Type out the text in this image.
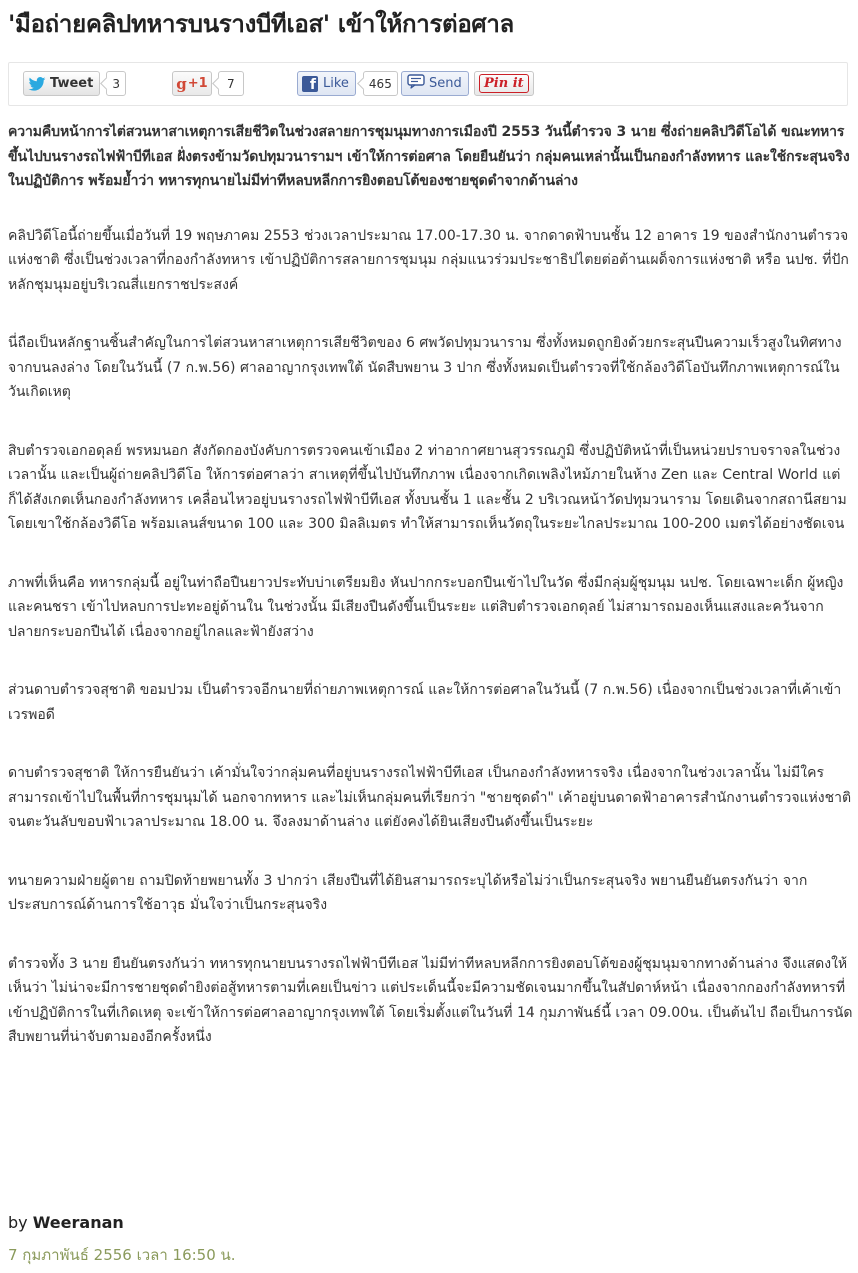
'มือถ่ายคลิปทหารบนรางบีทีเอส' เข้าให้การต่อศาล
Tweet	3	g +1	7	f Like	465	Send	Pin it

ความคืบหน้าการไต่สวนหาสาเหตุการเสียชีวิตในช่วงสลายการชุมนุมทางการเมืองปี 2553 วันนี้ตำรวจ 3 นาย ซึ่งถ่ายคลิปวิดีโอได้ ขณะทหารขึ้นไปบนรางรถไฟฟ้าบีทีเอส ฝั่งตรงข้ามวัดปทุมวนารามฯ เข้าให้การต่อศาล โดยยืนยันว่า กลุ่มคนเหล่านั้นเป็นกองกำลังทหาร และใช้กระสุนจริงในปฏิบัติการ พร้อมย้ำว่า ทหารทุกนายไม่มีท่าทีหลบหลีกการยิงตอบโต้ของชายชุดดำจากด้านล่าง

คลิปวิดีโอนี้ถ่ายขึ้นเมื่อวันที่ 19 พฤษภาคม 2553 ช่วงเวลาประมาณ 17.00-17.30 น. จากดาดฟ้าบนชั้น 12 อาคาร 19 ของสำนักงานตำรวจแห่งชาติ ซึ่งเป็นช่วงเวลาที่กองกำลังทหาร เข้าปฏิบัติการสลายการชุมนุม กลุ่มแนวร่วมประชาธิปไตยต่อต้านเผด็จการแห่งชาติ หรือ นปช. ที่ปักหลักชุมนุมอยู่บริเวณสี่แยกราชประสงค์

นี่ถือเป็นหลักฐานชิ้นสำคัญในการไต่สวนหาสาเหตุการเสียชีวิตของ 6 ศพวัดปทุมวนาราม ซึ่งทั้งหมดถูกยิงด้วยกระสุนปืนความเร็วสูงในทิศทางจากบนลงล่าง โดยในวันนี้ (7 ก.พ.56) ศาลอาญากรุงเทพใต้ นัดสืบพยาน 3 ปาก ซึ่งทั้งหมดเป็นตำรวจที่ใช้กล้องวิดีโอบันทึกภาพเหตุการณ์ในวันเกิดเหตุ

สิบตำรวจเอกอดุลย์ พรหมนอก สังกัดกองบังคับการตรวจคนเข้าเมือง 2 ท่าอากาศยานสุวรรณภูมิ ซึ่งปฏิบัติหน้าที่เป็นหน่วยปราบจราจลในช่วงเวลานั้น และเป็นผู้ถ่ายคลิปวิดีโอ ให้การต่อศาลว่า สาเหตุที่ขึ้นไปบันทึกภาพ เนื่องจากเกิดเพลิงไหม้ภายในห้าง Zen และ Central World แต่ก็ได้สังเกตเห็นกองกำลังทหาร เคลื่อนไหวอยู่บนรางรถไฟฟ้าบีทีเอส ทั้งบนชั้น 1 และชั้น 2 บริเวณหน้าวัดปทุมวนาราม โดยเดินจากสถานีสยาม โดยเขาใช้กล้องวิดีโอ พร้อมเลนส์ขนาด 100 และ 300 มิลลิเมตร ทำให้สามารถเห็นวัตถุในระยะไกลประมาณ 100-200 เมตรได้อย่างชัดเจน

ภาพที่เห็นคือ ทหารกลุ่มนี้ อยู่ในท่าถือปืนยาวประทับบ่าเตรียมยิง หันปากกระบอกปืนเข้าไปในวัด ซึ่งมีกลุ่มผู้ชุมนุม นปช. โดยเฉพาะเด็ก ผู้หญิง และคนชรา เข้าไปหลบการปะทะอยู่ด้านใน ในช่วงนั้น มีเสียงปืนดังขึ้นเป็นระยะ แต่สิบตำรวจเอกดุลย์ ไม่สามารถมองเห็นแสงและควันจากปลายกระบอกปืนได้ เนื่องจากอยู่ไกลและฟ้ายังสว่าง

ส่วนดาบตำรวจสุชาติ ขอมปวม เป็นตำรวจอีกนายที่ถ่ายภาพเหตุการณ์ และให้การต่อศาลในวันนี้ (7 ก.พ.56) เนื่องจากเป็นช่วงเวลาที่เค้าเข้าเวรพอดี

ดาบตำรวจสุชาติ ให้การยืนยันว่า เค้ามั่นใจว่ากลุ่มคนที่อยู่บนรางรถไฟฟ้าบีทีเอส เป็นกองกำลังทหารจริง เนื่องจากในช่วงเวลานั้น ไม่มีใครสามารถเข้าไปในพื้นที่การชุมนุมได้ นอกจากทหาร และไม่เห็นกลุ่มคนที่เรียกว่า "ชายชุดดำ" เค้าอยู่บนดาดฟ้าอาคารสำนักงานตำรวจแห่งชาติ จนตะวันลับขอบฟ้าเวลาประมาณ 18.00 น. จึงลงมาด้านล่าง แต่ยังคงได้ยินเสียงปืนดังขึ้นเป็นระยะ

ทนายความฝ่ายผู้ตาย ถามปิดท้ายพยานทั้ง 3 ปากว่า เสียงปืนที่ได้ยินสามารถระบุได้หรือไม่ว่าเป็นกระสุนจริง พยานยืนยันตรงกันว่า จากประสบการณ์ด้านการใช้อาวุธ มั่นใจว่าเป็นกระสุนจริง

ตำรวจทั้ง 3 นาย ยืนยันตรงกันว่า ทหารทุกนายบนรางรถไฟฟ้าบีทีเอส ไม่มีท่าทีหลบหลีกการยิงตอบโต้ของผู้ชุมนุมจากทางด้านล่าง จึงแสดงให้เห็นว่า ไม่น่าจะมีการชายชุดดำยิงต่อสู้ทหารตามที่เคยเป็นข่าว แต่ประเด็นนี้จะมีความชัดเจนมากขึ้นในสัปดาห์หน้า เนื่องจากกองกำลังทหารที่เข้าปฏิบัติการในที่เกิดเหตุ จะเข้าให้การต่อศาลอาญากรุงเทพใต้ โดยเริ่มตั้งแต่ในวันที่ 14 กุมภาพันธ์นี้ เวลา 09.00น. เป็นต้นไป ถือเป็นการนัดสืบพยานที่น่าจับตามองอีกครั้งหนึ่ง

by Weeranan
7 กุมภาพันธ์ 2556 เวลา 16:50 น.
